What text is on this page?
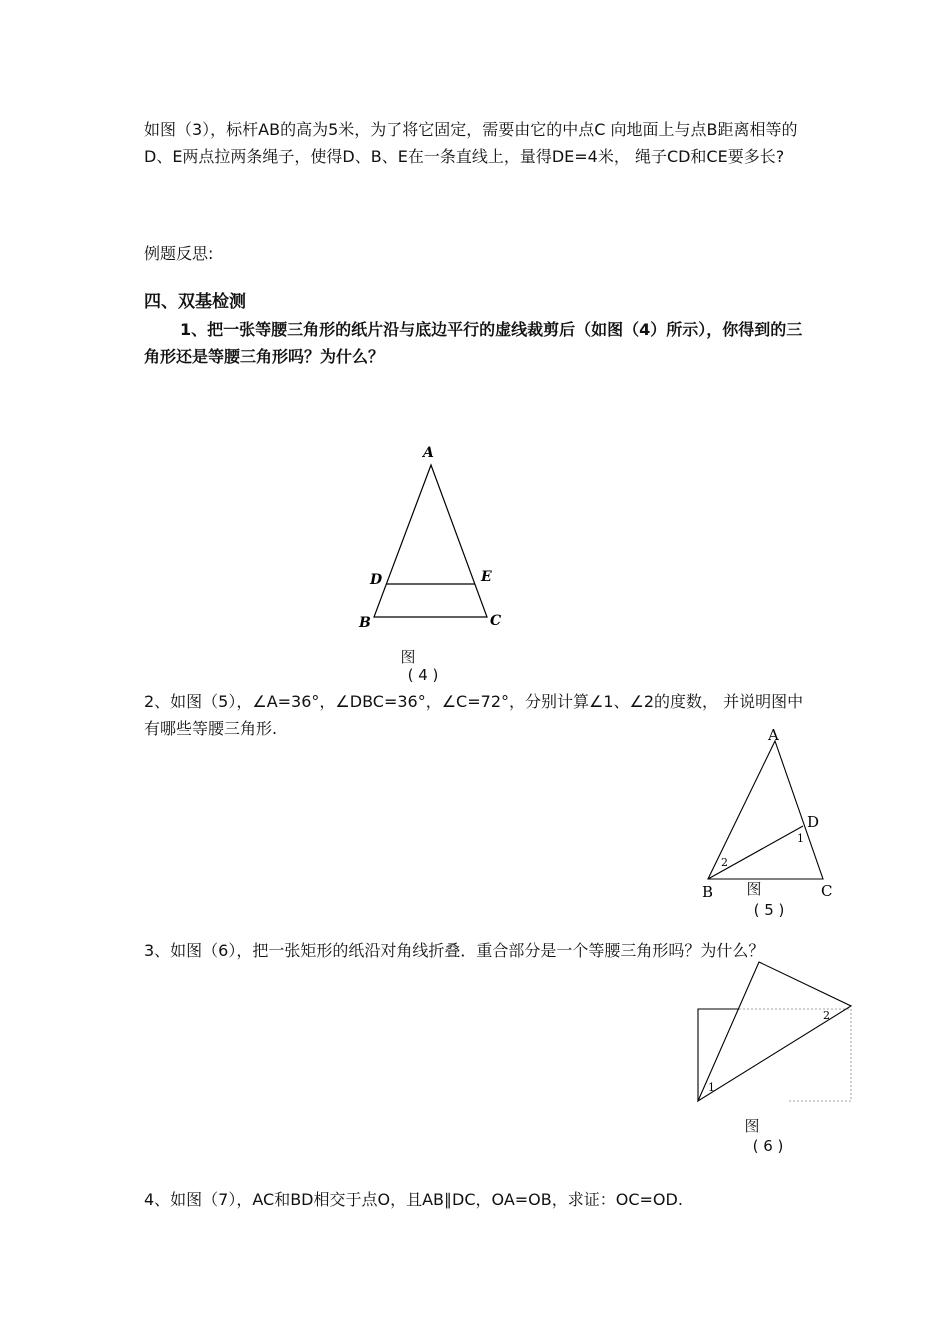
如图（3），标杆AB的高为5米，为了将它固定，需要由它的中点C 向地面上与点B距离相等的D、E两点拉两条绳子，使得D、B、E在一条直线上，量得DE=4米， 绳子CD和CE要多长?

例题反思:

四、双基检测

1、把一张等腰三角形的纸片沿与底边平行的虚线裁剪后（如图（4）所示），你得到的三角形还是等腰三角形吗？为什么？

A
D	E
B	C
图
( 4 )

2、如图（5），∠A=36°，∠DBC=36°，∠C=72°，分别计算∠1、∠2的度数， 并说明图中有哪些等腰三角形.	A
D
1
2
B	C
图
( 5 )

3、如图（6），把一张矩形的纸沿对角线折叠．重合部分是一个等腰三角形吗？为什么？

1
2
图
( 6 )

4、如图（7），AC和BD相交于点O，且AB∥DC，OA=OB，求证：OC=OD.
